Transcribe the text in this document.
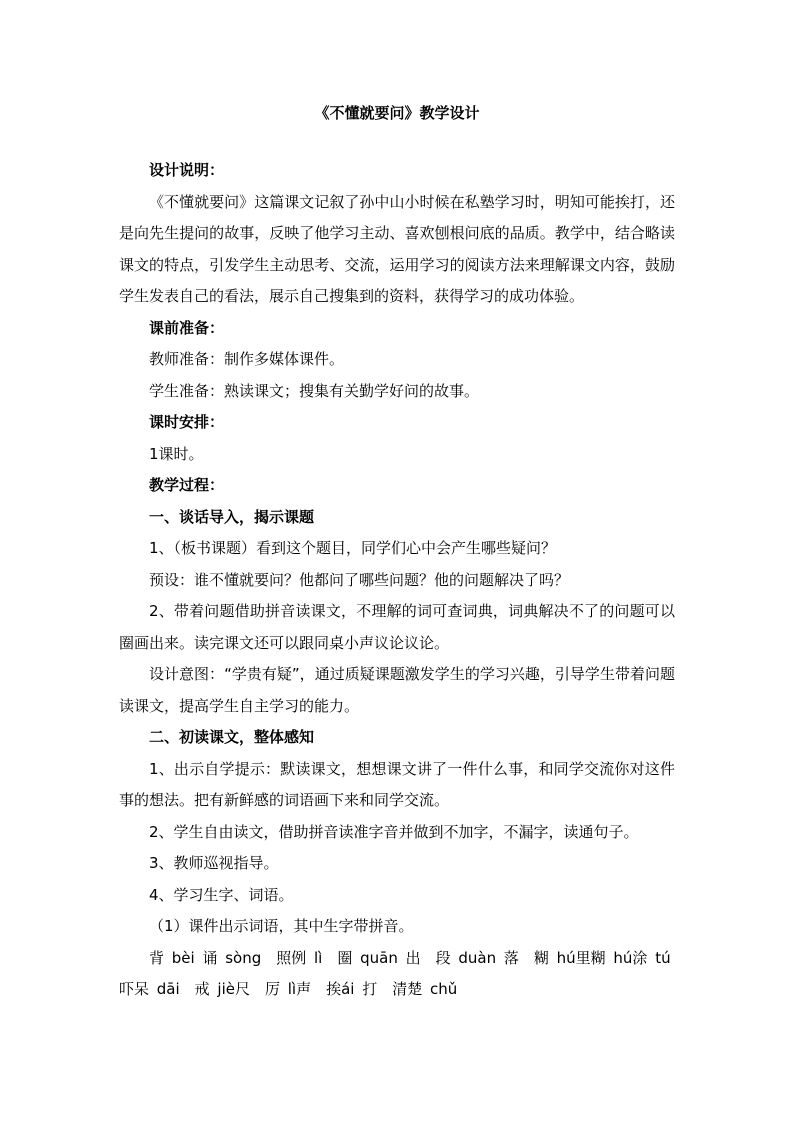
《不懂就要问》教学设计
设计说明：
《不懂就要问》这篇课文记叙了孙中山小时候在私塾学习时，明知可能挨打，还是向先生提问的故事，反映了他学习主动、喜欢刨根问底的品质。教学中，结合略读课文的特点，引发学生主动思考、交流，运用学习的阅读方法来理解课文内容，鼓励学生发表自己的看法，展示自己搜集到的资料，获得学习的成功体验。
课前准备：
教师准备：制作多媒体课件。
学生准备：熟读课文；搜集有关勤学好问的故事。
课时安排：
1课时。
教学过程：
一、谈话导入，揭示课题
1、（板书课题）看到这个题目，同学们心中会产生哪些疑问？
预设：谁不懂就要问？他都问了哪些问题？他的问题解决了吗？
2、带着问题借助拼音读课文，不理解的词可查词典，词典解决不了的问题可以圈画出来。读完课文还可以跟同桌小声议论议论。
设计意图：“学贵有疑”，通过质疑课题激发学生的学习兴趣，引导学生带着问题读课文，提高学生自主学习的能力。
二、初读课文，整体感知
1、出示自学提示：默读课文，想想课文讲了一件什么事，和同学交流你对这件事的想法。把有新鲜感的词语画下来和同学交流。
2、学生自由读文，借助拼音读准字音并做到不加字，不漏字，读通句子。
3、教师巡视指导。
4、学习生字、词语。
（1）课件出示词语，其中生字带拼音。
背 bèi 诵 sòng　照例 lì　圈 quān 出　段 duàn 落　糊 hú里糊 hú涂 tú　吓呆 dāi　戒 jiè尺　厉 lì声　挨ái 打　清楚 chǔ
